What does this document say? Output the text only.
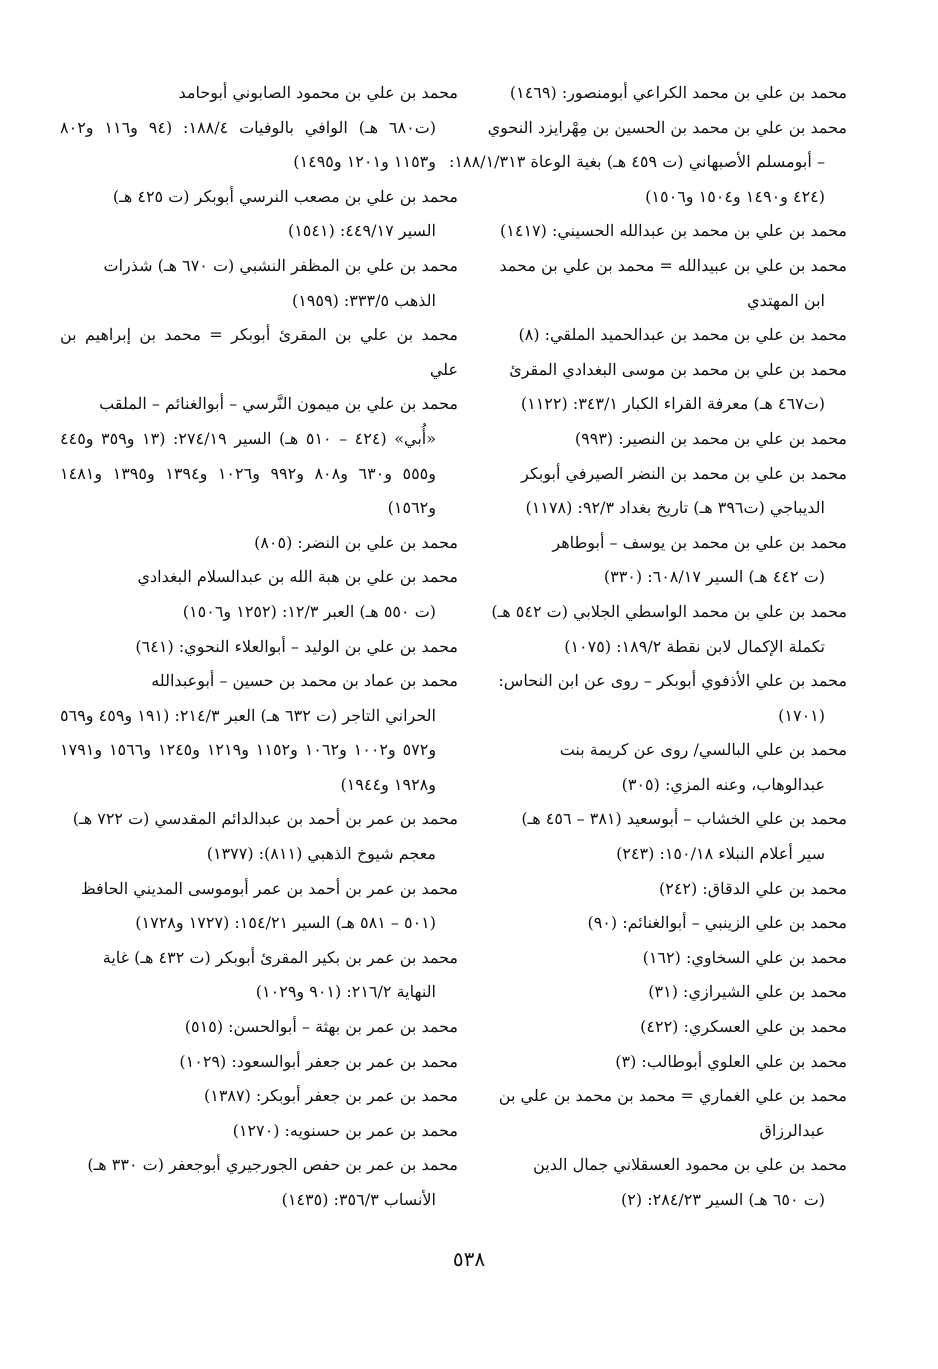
محمد بن علي بن محمد الكراعي أبومنصور: (١٤٦٩)

محمد بن علي بن محمد بن الحسين بن مِهْرايزد النحوي
– أبومسلم الأصبهاني (ت ٤٥٩ هـ) بغية الوعاة ١٨٨/١/٣١٣: (٤٢٤ و١٤٩٠ و١٥٠٤ و١٥٠٦)

محمد بن علي بن محمد بن عبدالله الحسيني: (١٤١٧)

محمد بن علي بن عبيدالله = محمد بن علي بن محمد
ابن المهتدي

محمد بن علي بن محمد بن عبدالحميد الملقي: (٨)

محمد بن علي بن محمد بن موسى البغدادي المقرئ
(ت٤٦٧ هـ) معرفة القراء الكبار ٣٤٣/١: (١١٢٢)

محمد بن علي بن محمد بن النصير: (٩٩٣)

محمد بن علي بن محمد بن النضر الصيرفي أبوبكر
الديباجي (ت٣٩٦ هـ) تاريخ بغداد ٩٢/٣: (١١٧٨)

محمد بن علي بن محمد بن يوسف – أبوطاهر
(ت ٤٤٢ هـ) السير ٦٠٨/١٧: (٣٣٠)

محمد بن علي بن محمد الواسطي الجلابي (ت ٥٤٢ هـ)
تكملة الإكمال لابن نقطة ١٨٩/٢: (١٠٧٥)

محمد بن علي الأذفوي أبوبكر – روى عن ابن النحاس:
(١٧٠١)

محمد بن علي البالسي/ روى عن كريمة بنت
عبدالوهاب، وعنه المزي: (٣٠٥)

محمد بن علي الخشاب – أبوسعيد (٣٨١ – ٤٥٦ هـ)
سير أعلام النبلاء ١٥٠/١٨: (٢٤٣)

محمد بن علي الدقاق: (٢٤٢)

محمد بن علي الزينبي – أبوالغنائم: (٩٠)

محمد بن علي السخاوي: (١٦٢)

محمد بن علي الشيرازي: (٣١)

محمد بن علي العسكري: (٤٢٢)

محمد بن علي العلوي أبوطالب: (٣)

محمد بن علي الغماري = محمد بن محمد بن علي بن
عبدالرزاق

محمد بن علي بن محمود العسقلاني جمال الدين
(ت ٦٥٠ هـ) السير ٢٨٤/٢٣: (٢)

محمد بن علي بن محمود الصابوني أبوحامد
(ت٦٨٠ هـ) الوافي بالوفيات ١٨٨/٤: (٩٤ و١١٦ و٨٠٢ و١١٥٣ و١٢٠١ و١٤٩٥)

محمد بن علي بن مصعب النرسي أبوبكر (ت ٤٢٥ هـ)
السير ٤٤٩/١٧: (١٥٤١)

محمد بن علي بن المظفر النشبي (ت ٦٧٠ هـ) شذرات
الذهب ٣٣٣/٥: (١٩٥٩)

محمد بن علي بن المقرئ أبوبكر = محمد بن إبراهيم بن علي

محمد بن علي بن ميمون النَّرسي – أبوالغنائم – الملقب
«أُبي» (٤٢٤ – ٥١٠ هـ) السير ٢٧٤/١٩: (١٣ و٣٥٩ و٤٤٥ و٥٥٥ و٦٣٠ و٨٠٨ و٩٩٢ و١٠٢٦ و١٣٩٤ و١٣٩٥ و١٤٨١ و١٥٦٢)

محمد بن علي بن النضر: (٨٠٥)

محمد بن علي بن هبة الله بن عبدالسلام البغدادي
(ت ٥٥٠ هـ) العبر ١٢/٣: (١٢٥٢ و١٥٠٦)

محمد بن علي بن الوليد – أبوالعلاء النحوي: (٦٤١)

محمد بن عماد بن محمد بن حسين – أبوعبدالله
الحراني التاجر (ت ٦٣٢ هـ) العبر ٢١٤/٣: (١٩١ و٤٥٩ و٥٦٩ و٥٧٢ و١٠٠٢ و١٠٦٢ و١١٥٢ و١٢١٩ و١٢٤٥ و١٥٦٦ و١٧٩١ و١٩٢٨ و١٩٤٤)

محمد بن عمر بن أحمد بن عبدالدائم المقدسي (ت ٧٢٢ هـ)
معجم شيوخ الذهبي (٨١١): (١٣٧٧)

محمد بن عمر بن أحمد بن عمر أبوموسى المديني الحافظ
(٥٠١ – ٥٨١ هـ) السير ١٥٤/٢١: (١٧٢٧ و١٧٢٨)

محمد بن عمر بن بكير المقرئ أبوبكر (ت ٤٣٢ هـ) غاية
النهاية ٢١٦/٢: (٩٠١ و١٠٢٩)

محمد بن عمر بن بهثة – أبوالحسن: (٥١٥)

محمد بن عمر بن جعفر أبوالسعود: (١٠٢٩)

محمد بن عمر بن جعفر أبوبكر: (١٣٨٧)

محمد بن عمر بن حسنويه: (١٢٧٠)

محمد بن عمر بن حفص الجورجيري أبوجعفر (ت ٣٣٠ هـ)
الأنساب ٣٥٦/٣: (١٤٣٥)

٥٣٨
